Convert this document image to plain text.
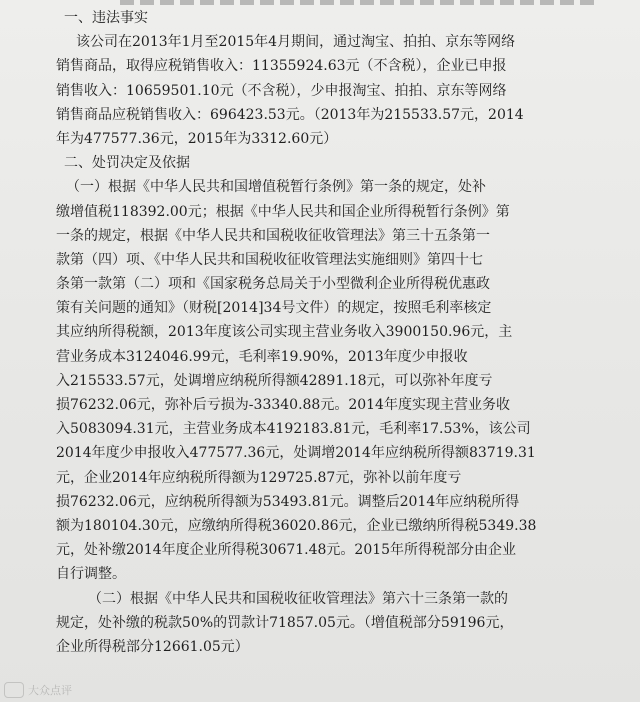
一、违法事实
该公司在2013年1月至2015年4月期间，通过淘宝、拍拍、京东等网络
销售商品，取得应税销售收入：11355924.63元（不含税），企业已申报
销售收入：10659501.10元（不含税），少申报淘宝、拍拍、京东等网络
销售商品应税销售收入：696423.53元。（2013年为215533.57元，2014
年为477577.36元，2015年为3312.60元）
二、处罚决定及依据
（一）根据《中华人民共和国增值税暂行条例》第一条的规定，处补
缴增值税118392.00元；根据《中华人民共和国企业所得税暂行条例》第
一条的规定，根据《中华人民共和国税收征收管理法》第三十五条第一
款第（四）项、《中华人民共和国税收征收管理法实施细则》第四十七
条第一款第（二）项和《国家税务总局关于小型微利企业所得税优惠政
策有关问题的通知》（财税[2014]34号文件）的规定，按照毛利率核定
其应纳所得税额，2013年度该公司实现主营业务收入3900150.96元，主
营业务成本3124046.99元，毛利率19.90%，2013年度少申报收
入215533.57元，处调增应纳税所得额42891.18元，可以弥补年度亏
损76232.06元，弥补后亏损为-33340.88元。2014年度实现主营业务收
入5083094.31元，主营业务成本4192183.81元，毛利率17.53%，该公司
2014年度少申报收入477577.36元，处调增2014年应纳税所得额83719.31
元，企业2014年应纳税所得额为129725.87元，弥补以前年度亏
损76232.06元，应纳税所得额为53493.81元。调整后2014年应纳税所得
额为180104.30元，应缴纳所得税36020.86元，企业已缴纳所得税5349.38
元，处补缴2014年度企业所得税30671.48元。2015年所得税部分由企业
自行调整。
（二）根据《中华人民共和国税收征收管理法》第六十三条第一款的
规定，处补缴的税款50%的罚款计71857.05元。（增值税部分59196元，
企业所得税部分12661.05元）
大众点评
